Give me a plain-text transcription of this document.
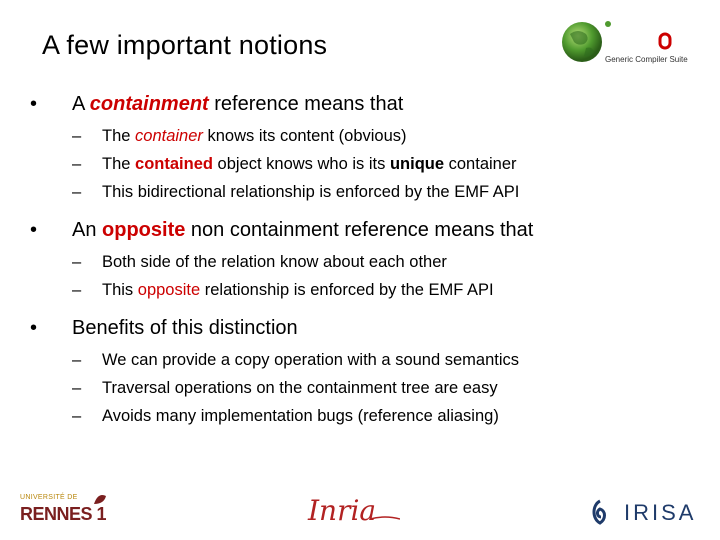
A few important notions	Generic Compiler Suite
•	A containment reference means that
– The container knows its content (obvious)
– The contained object knows who is its unique container
– This bidirectional relationship is enforced by the EMF API
•	An opposite non containment reference means that
– Both side of the relation know about each other
– This opposite relationship is enforced by the EMF API
•	Benefits of this distinction
– We can provide a copy operation with a sound semantics
– Traversal operations on the containment tree are easy
– Avoids many implementation bugs (reference aliasing)
UNIVERSITÉ DE
RENNES 1	Inria	IRISA
